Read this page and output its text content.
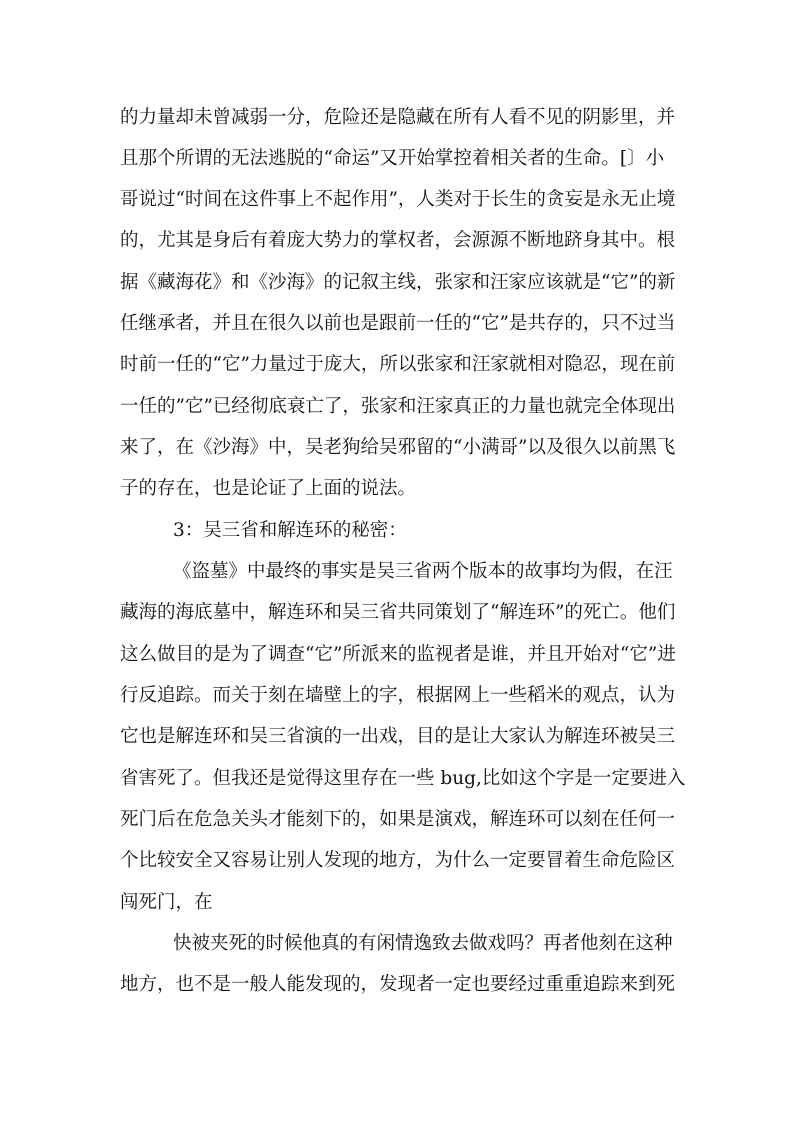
的力量却未曾减弱一分，危险还是隐藏在所有人看不见的阴影里，并
且那个所谓的无法逃脱的“命运”又开始掌控着相关者的生命。[〕小
哥说过“时间在这件事上不起作用”，人类对于长生的贪妄是永无止境
的，尤其是身后有着庞大势力的掌权者，会源源不断地跻身其中。根
据《藏海花》和《沙海》的记叙主线，张家和汪家应该就是“它”的新
任继承者，并且在很久以前也是跟前一任的“它”是共存的，只不过当
时前一任的“它”力量过于庞大，所以张家和汪家就相对隐忍，现在前
一任的”它”已经彻底衰亡了，张家和汪家真正的力量也就完全体现出
来了，在《沙海》中，吴老狗给吴邪留的“小满哥”以及很久以前黑飞
子的存在，也是论证了上面的说法。
3：吴三省和解连环的秘密：
《盗墓》中最终的事实是吴三省两个版本的故事均为假，在汪
藏海的海底墓中，解连环和吴三省共同策划了“解连环”的死亡。他们
这么做目的是为了调查“它”所派来的监视者是谁，并且开始对“它”进
行反追踪。而关于刻在墙壁上的字，根据网上一些稻米的观点，认为
它也是解连环和吴三省演的一出戏，目的是让大家认为解连环被吴三
省害死了。但我还是觉得这里存在一些 bug,比如这个字是一定要进入
死门后在危急关头才能刻下的，如果是演戏，解连环可以刻在任何一
个比较安全又容易让别人发现的地方，为什么一定要冒着生命危险区
闯死门，在
快被夹死的时候他真的有闲情逸致去做戏吗？再者他刻在这种
地方，也不是一般人能发现的，发现者一定也要经过重重追踪来到死
